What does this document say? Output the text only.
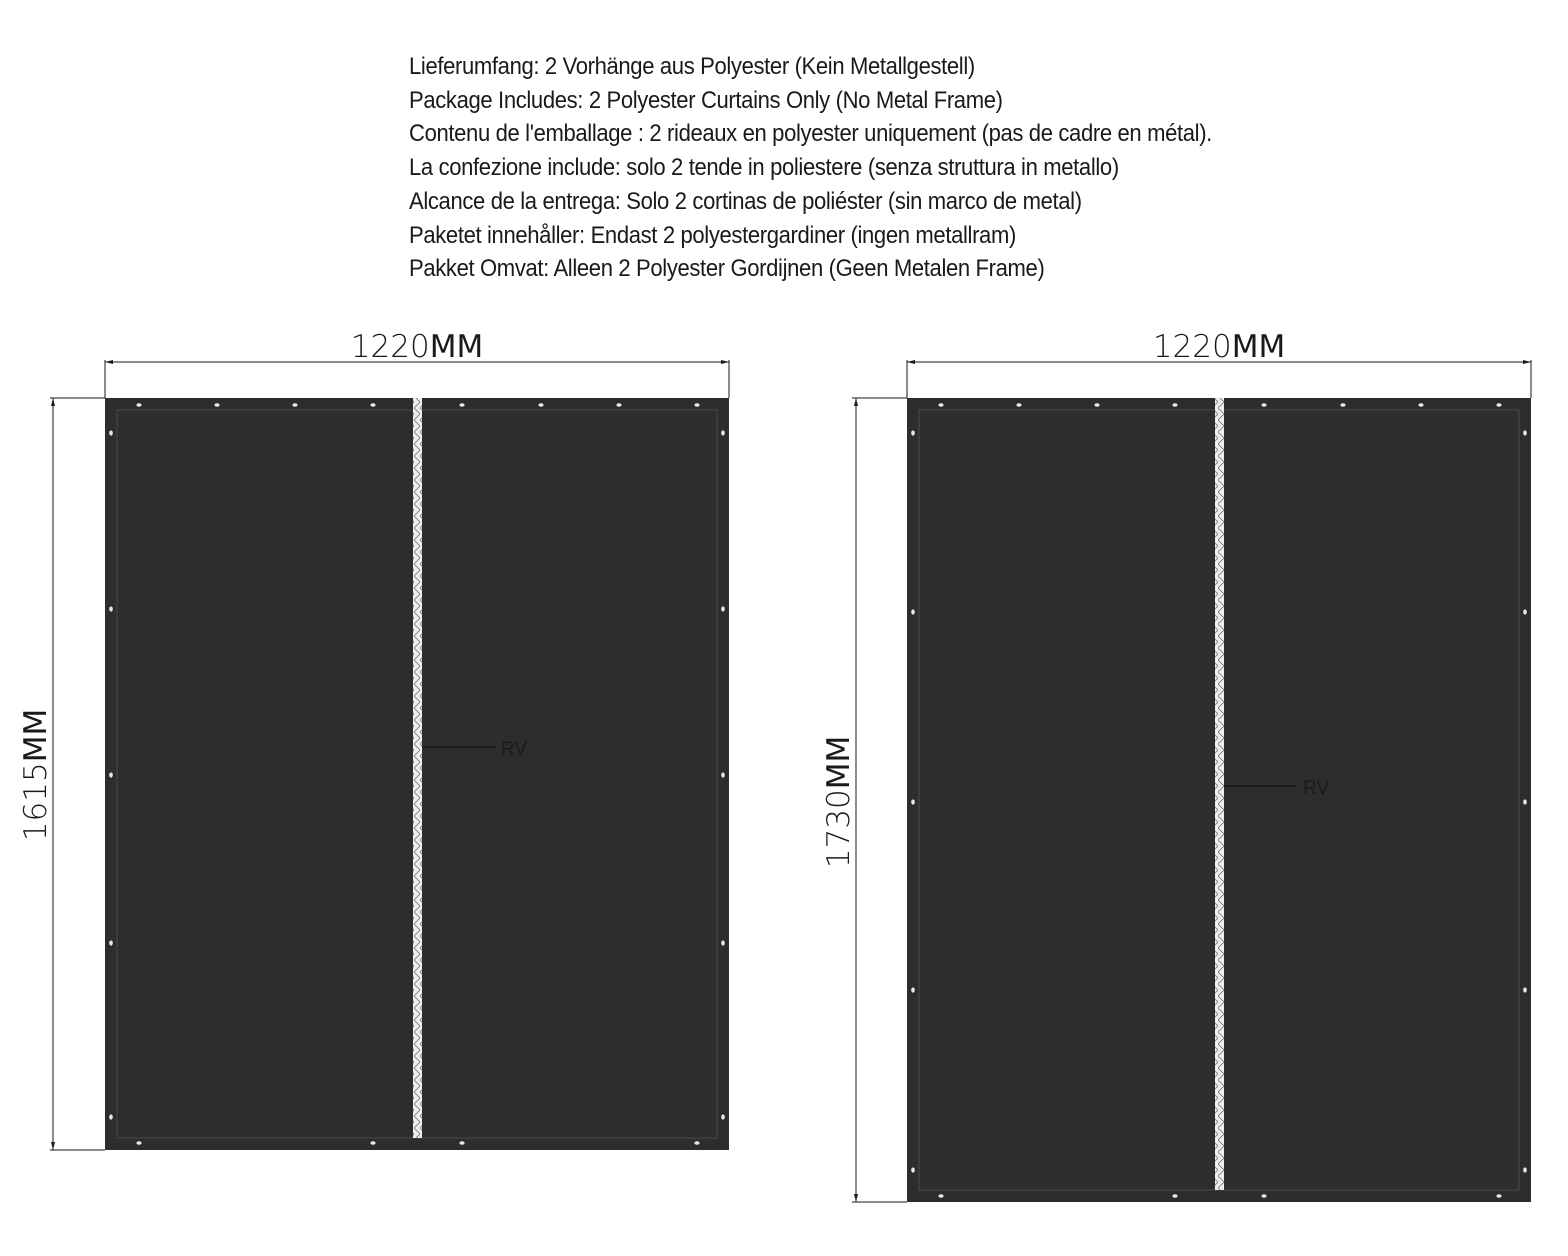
Lieferumfang: 2 Vorhänge aus Polyester (Kein Metallgestell)
Package Includes: 2 Polyester Curtains Only (No Metal Frame)
Contenu de l'emballage : 2 rideaux en polyester uniquement (pas de cadre en métal).
La confezione include: solo 2 tende in poliestere (senza struttura in metallo)
Alcance de la entrega: Solo 2 cortinas de poliéster (sin marco de metal)
Paketet innehåller: Endast 2 polyestergardiner (ingen metallram)
Pakket Omvat: Alleen 2 Polyester Gordijnen (Geen Metalen Frame)
1220MM
1615MM	RV
1220MM
1730MM	RV
